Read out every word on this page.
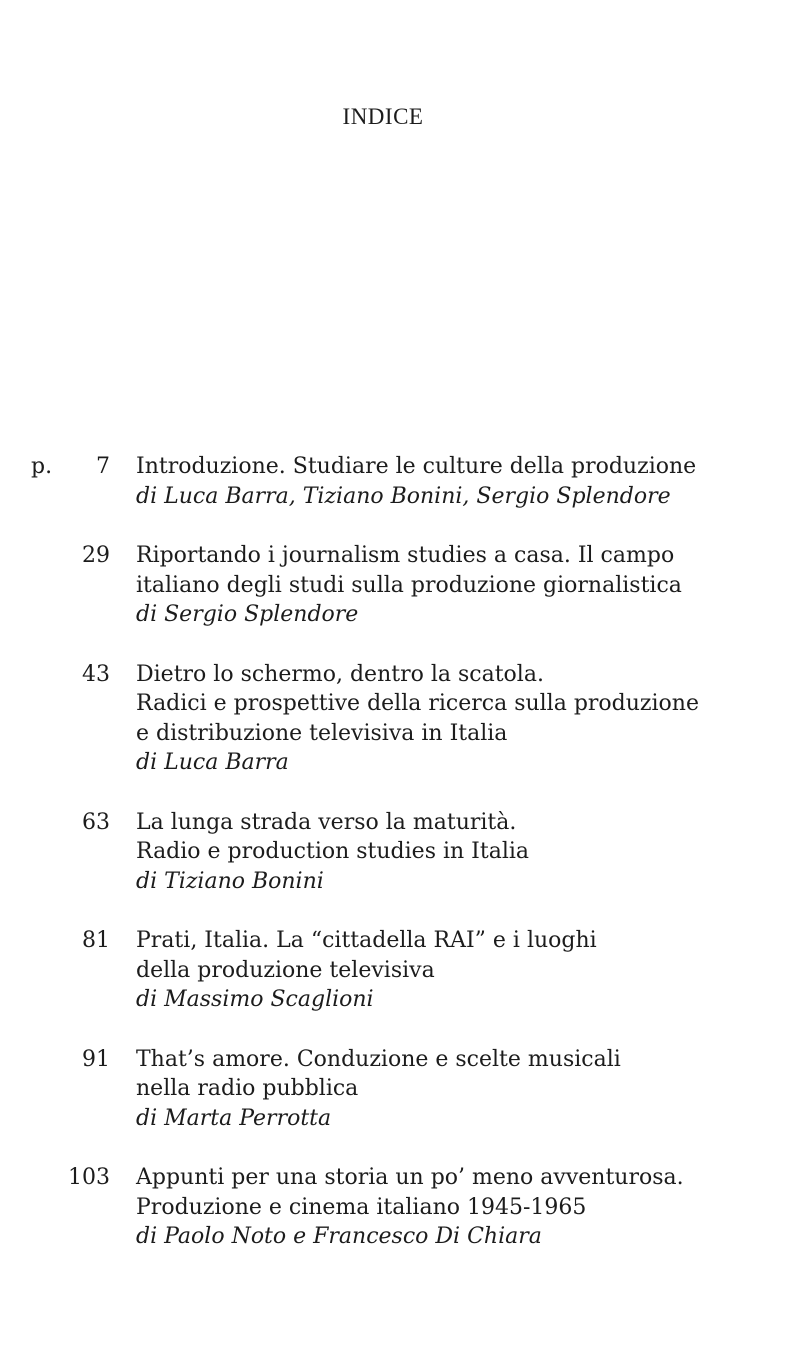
INDICE
p.	7 Introduzione. Studiare le culture della produzione
di Luca Barra, Tiziano Bonini, Sergio Splendore
29 Riportando i journalism studies a casa. Il campo
italiano degli studi sulla produzione giornalistica
di Sergio Splendore
43 Dietro lo schermo, dentro la scatola.
Radici e prospettive della ricerca sulla produzione
e distribuzione televisiva in Italia
di Luca Barra
63 La lunga strada verso la maturità.
Radio e production studies in Italia
di Tiziano Bonini
81 Prati, Italia. La “cittadella RAI” e i luoghi
della produzione televisiva
di Massimo Scaglioni
91 That’s amore. Conduzione e scelte musicali
nella radio pubblica
di Marta Perrotta
103 Appunti per una storia un po’ meno avventurosa.
Produzione e cinema italiano 1945-1965
di Paolo Noto e Francesco Di Chiara
